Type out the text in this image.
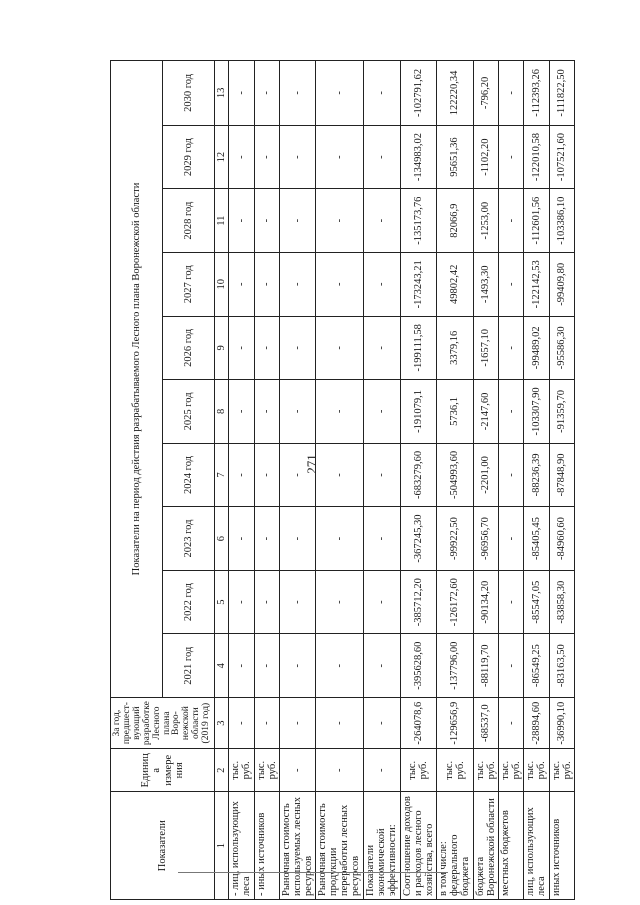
271
Показатели	Единица измерения	За год, предшест-вующий разработке Лесного плана Воро-нежской области (2019 год)	Показатели на период действия разрабатываемого Лесного плана Воронежской области									
			2021 год	2022 год	2023 год	2024 год	2025 год	2026 год	2027 год	2028 год	2029 год	2030 год
1	2	3	4	5	6	7	8	9	10	11	12	13
- лиц, использующих леса	тыс. руб.	-	-	-	-	-	-	-	-	-	-	-
- иных источников	тыс. руб.	-	-	-	-	-	-	-	-	-	-	-
Рыночная стоимость используемых лесных ресурсов	-	-	-	-	-	-	-	-	-	-	-	-
Рыночная стоимость продукции переработки лесных ресурсов	-	-	-	-	-	-	-	-	-	-	-	-
Показатели экономической эффективности:	-	-	-	-	-	-	-	-	-	-	-	-
Соотношение доходов и расходов лесного хозяйства, всего	тыс. руб.	-264078,6	-395628,60	-385712,20	-367245,30	-683279,60	-191079,1	-199111,58	-173243,21	-135173,76	-134983,02	-102791,62
в том числе: федерального бюджета	тыс. руб.	-129656,9	-137796,00	-126172,60	-99922,50	-504993,60	5736,1	3379,16	49802,42	82066,9	95651,36	122220,34
бюджета Воронежской области	тыс. руб.	-68537,0	-88119,70	-90134,20	-96956,70	-2201,00	-2147,60	-1657,10	-1493,30	-1253,00	-1102,20	-796,20
местных бюджетов	тыс. руб.	-	-	-	-	-	-	-	-	-	-	-
лиц, использующих леса	тыс. руб.	-28894,60	-86549,25	-85547,05	-85405,45	-88236,39	-103307,90	-99489,02	-122142,53	-112601,56	-122010,58	-112393,26
иных источников	тыс. руб.	-36990,10	-83163,50	-83858,30	-84960,60	-87848,90	-91359,70	-95586,30	-99409,80	-103386,10	-107521,60	-111822,50
